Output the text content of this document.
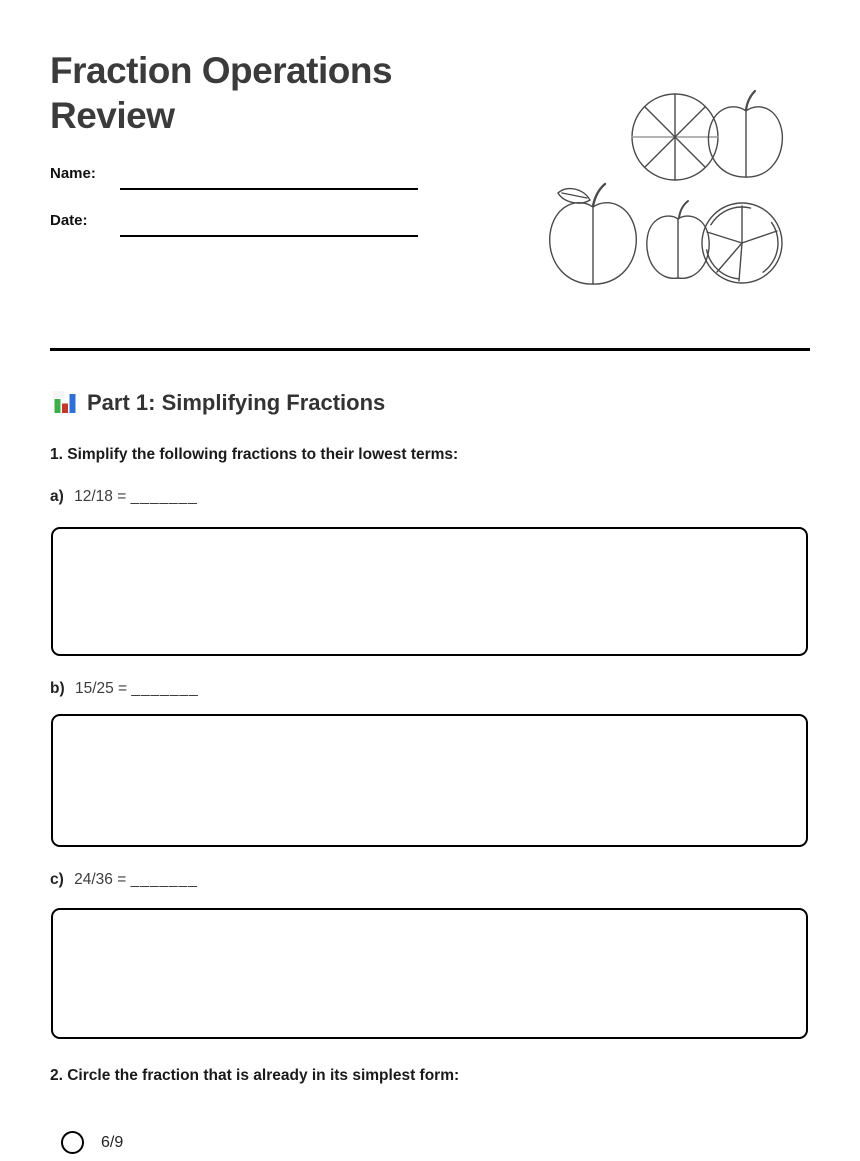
Fraction Operations Review
Name:
Date:
Part 1: Simplifying Fractions
1. Simplify the following fractions to their lowest terms:
a) 12/18 = _______
b) 15/25 = _______
c) 24/36 = _______
2. Circle the fraction that is already in its simplest form:
6/9
